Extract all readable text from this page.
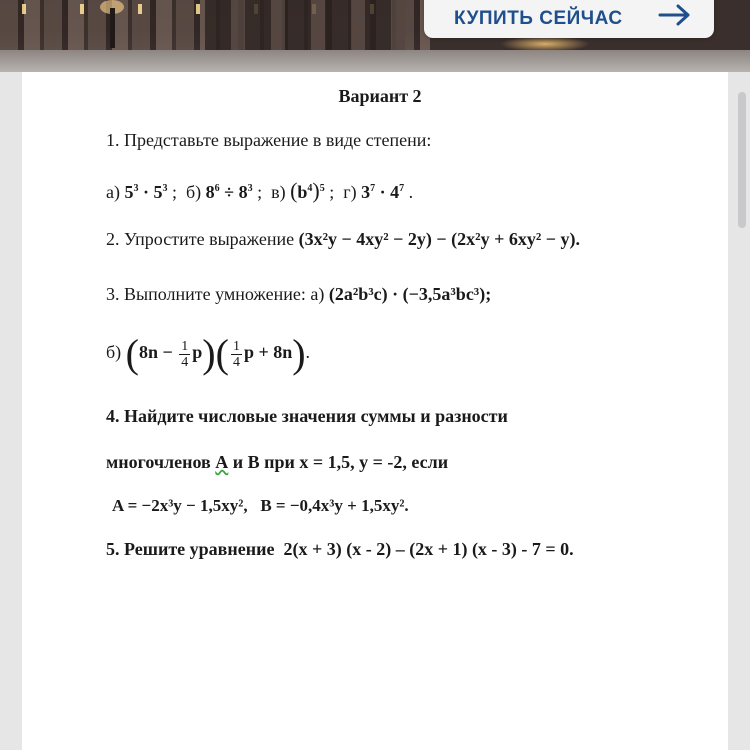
КУПИТЬ СЕЙЧАС
Вариант 2
1. Представьте выражение в виде степени:
а) $5^3 \cdot 5^3$ ; б) $8^6 \div 8^3$ ; в) $(b^4)^5$ ; г) $3^7 \cdot 4^7$ .
2. Упростите выражение (3x²y − 4xy² − 2y) − (2x²y + 6xy² − y).
3. Выполните умножение: а) (2a²b³c) · (−3,5a³bc³);
б) $(8n - \frac{1}{4} p)( \frac{1}{4}$ p + 8n).
4. Найдите числовые значения суммы и разности
многочленов А и В при x = 1,5, y = -2, если
A = −2x³y − 1,5xy², B = −0,4x³y + 1,5xy².
5. Решите уравнение 2(x + 3) (x - 2) – (2x + 1) (x - 3) - 7 = 0.
